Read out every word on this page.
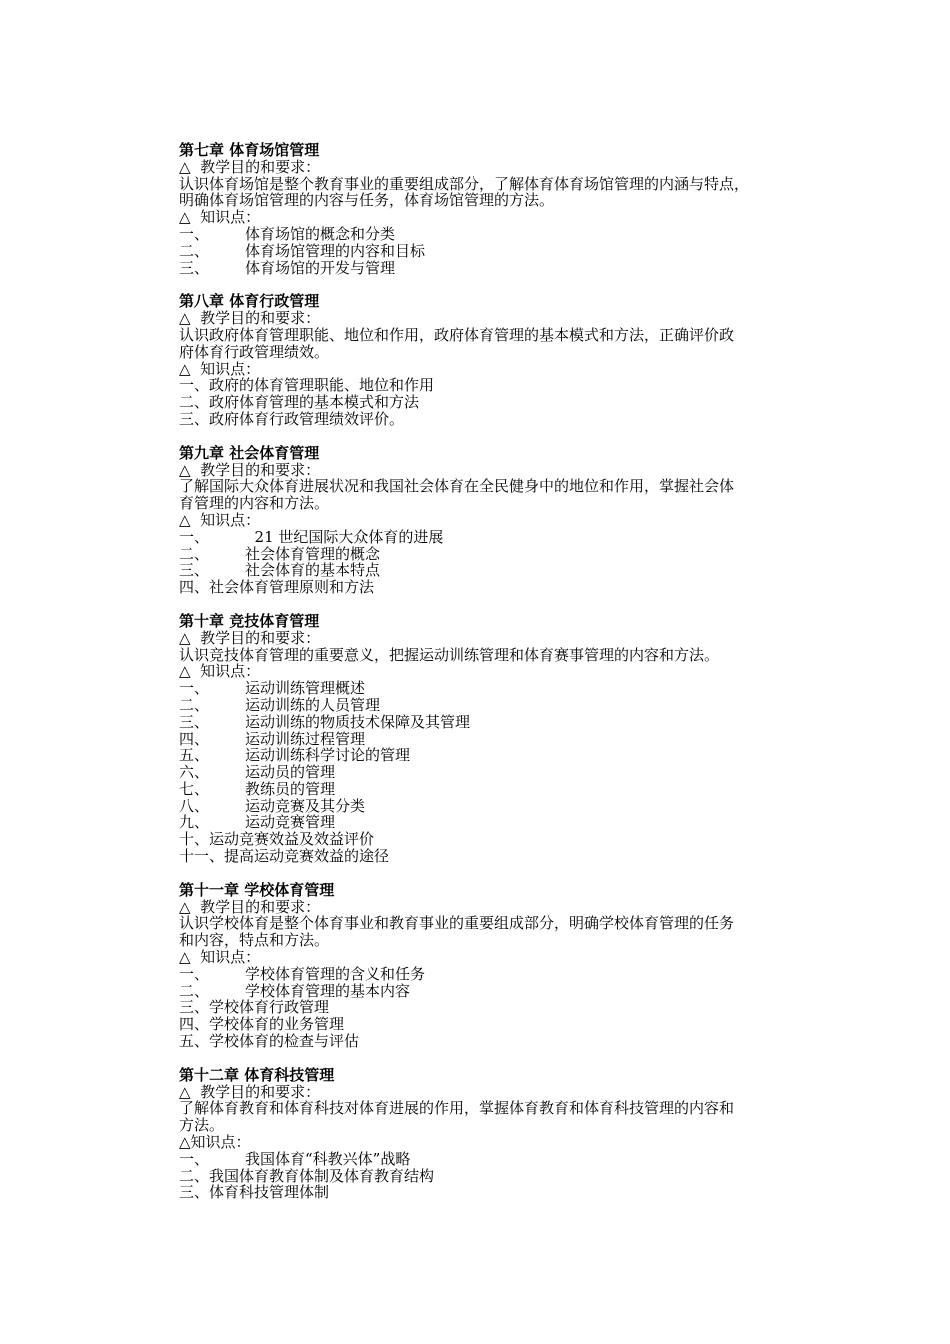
第七章 体育场馆管理
△  教学目的和要求：
认识体育场馆是整个教育事业的重要组成部分，了解体育体育场馆管理的内涵与特点，
明确体育场馆管理的内容与任务，体育场馆管理的方法。
△  知识点：
一、	体育场馆的概念和分类
二、	体育场馆管理的内容和目标
三、	体育场馆的开发与管理
第八章 体育行政管理
△  教学目的和要求：
认识政府体育管理职能、地位和作用，政府体育管理的基本模式和方法，正确评价政
府体育行政管理绩效。
△  知识点：
一、 政府的体育管理职能、地位和作用
二、 政府体育管理的基本模式和方法
三、 政府体育行政管理绩效评价。
第九章 社会体育管理
△  教学目的和要求：
了解国际大众体育进展状况和我国社会体育在全民健身中的地位和作用，掌握社会体
育管理的内容和方法。
△  知识点：
一、	21 世纪国际大众体育的进展
二、	社会体育管理的概念
三、	社会体育的基本特点
四、 社会体育管理原则和方法
第十章 竞技体育管理
△  教学目的和要求：
认识竞技体育管理的重要意义，把握运动训练管理和体育赛事管理的内容和方法。
△  知识点：
一、	运动训练管理概述
二、	运动训练的人员管理
三、	运动训练的物质技术保障及其管理
四、	运动训练过程管理
五、	运动训练科学讨论的管理
六、	运动员的管理
七、	教练员的管理
八、	运动竞赛及其分类
九、	运动竞赛管理
十、 运动竞赛效益及效益评价
十一、 提高运动竞赛效益的途径
第十一章 学校体育管理
△  教学目的和要求：
认识学校体育是整个体育事业和教育事业的重要组成部分，明确学校体育管理的任务
和内容，特点和方法。
△  知识点：
一、	学校体育管理的含义和任务
二、	学校体育管理的基本内容
三、 学校体育行政管理
四、 学校体育的业务管理
五、 学校体育的检查与评估
第十二章 体育科技管理
△  教学目的和要求：
了解体育教育和体育科技对体育进展的作用，掌握体育教育和体育科技管理的内容和
方法。
△知识点：
一、	我国体育“科教兴体”战略
二、 我国体育教育体制及体育教育结构
三、 体育科技管理体制
